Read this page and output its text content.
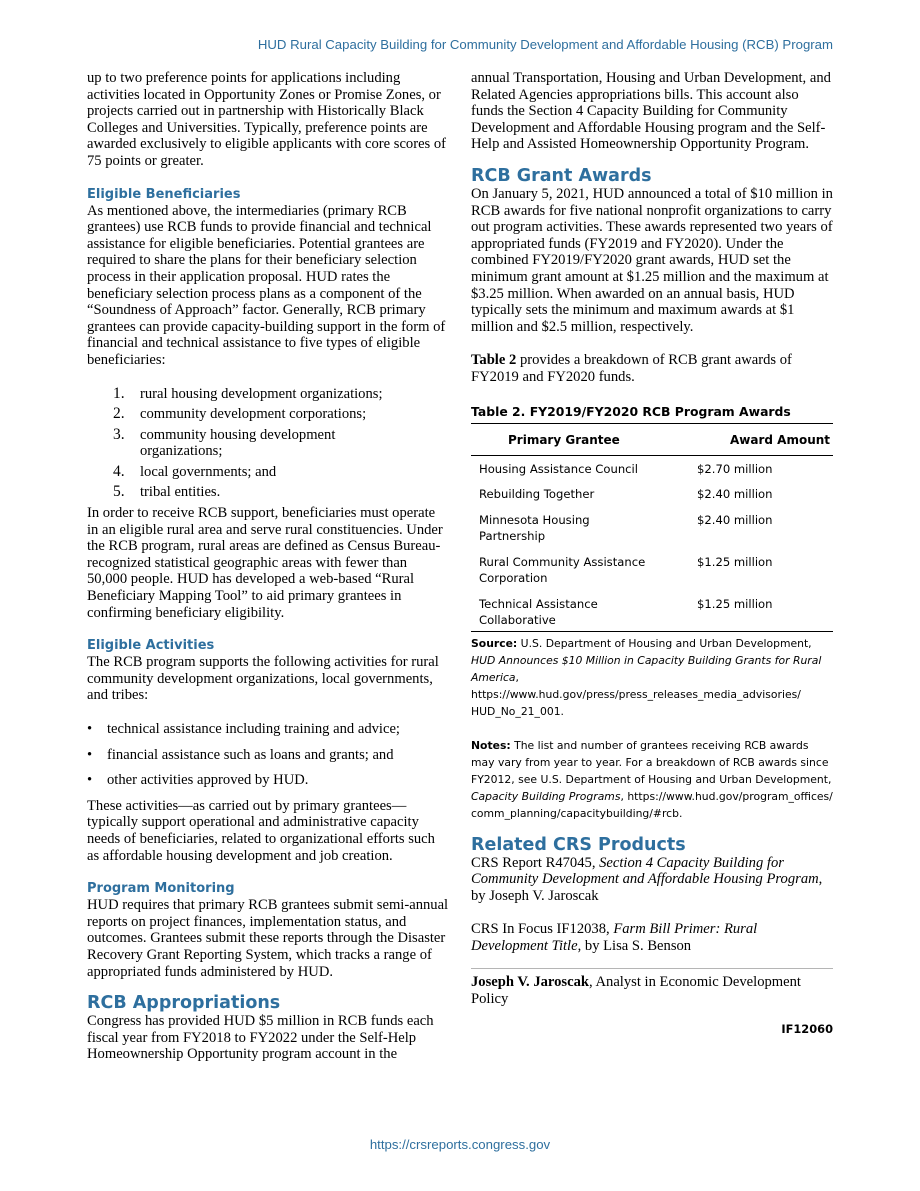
HUD Rural Capacity Building for Community Development and Affordable Housing (RCB) Program

up to two preference points for applications including activities located in Opportunity Zones or Promise Zones, or projects carried out in partnership with Historically Black Colleges and Universities. Typically, preference points are awarded exclusively to eligible applicants with core scores of 75 points or greater.

Eligible Beneficiaries

As mentioned above, the intermediaries (primary RCB grantees) use RCB funds to provide financial and technical assistance for eligible beneficiaries. Potential grantees are required to share the plans for their beneficiary selection process in their application proposal. HUD rates the beneficiary selection process plans as a component of the “Soundness of Approach” factor. Generally, RCB primary grantees can provide capacity-building support in the form of financial and technical assistance to five types of eligible beneficiaries:

1. rural housing development organizations;
2. community development corporations;
3. community housing development organizations;
4. local governments; and
5. tribal entities.

In order to receive RCB support, beneficiaries must operate in an eligible rural area and serve rural constituencies. Under the RCB program, rural areas are defined as Census Bureau-recognized statistical geographic areas with fewer than 50,000 people. HUD has developed a web-based “Rural Beneficiary Mapping Tool” to aid primary grantees in confirming beneficiary eligibility.

Eligible Activities

The RCB program supports the following activities for rural community development organizations, local governments, and tribes:

• technical assistance including training and advice;
• financial assistance such as loans and grants; and
• other activities approved by HUD.

These activities—as carried out by primary grantees—typically support operational and administrative capacity needs of beneficiaries, related to organizational efforts such as affordable housing development and job creation.

Program Monitoring

HUD requires that primary RCB grantees submit semi-annual reports on project finances, implementation status, and outcomes. Grantees submit these reports through the Disaster Recovery Grant Reporting System, which tracks a range of appropriated funds administered by HUD.

RCB Appropriations

Congress has provided HUD $5 million in RCB funds each fiscal year from FY2018 to FY2022 under the Self-Help Homeownership Opportunity program account in the

annual Transportation, Housing and Urban Development, and Related Agencies appropriations bills. This account also funds the Section 4 Capacity Building for Community Development and Affordable Housing program and the Self-Help and Assisted Homeownership Opportunity Program.

RCB Grant Awards

On January 5, 2021, HUD announced a total of $10 million in RCB awards for five national nonprofit organizations to carry out program activities. These awards represented two years of appropriated funds (FY2019 and FY2020). Under the combined FY2019/FY2020 grant awards, HUD set the minimum grant amount at $1.25 million and the maximum at $3.25 million. When awarded on an annual basis, HUD typically sets the minimum and maximum awards at $1 million and $2.5 million, respectively.

Table 2 provides a breakdown of RCB grant awards of FY2019 and FY2020 funds.

Table 2. FY2019/FY2020 RCB Program Awards
Primary Grantee	Award Amount
Housing Assistance Council	$2.70 million
Rebuilding Together	$2.40 million
Minnesota Housing Partnership	$2.40 million
Rural Community Assistance Corporation	$1.25 million
Technical Assistance Collaborative	$1.25 million

Source: U.S. Department of Housing and Urban Development, HUD Announces $10 Million in Capacity Building Grants for Rural America, https://www.hud.gov/press/press_releases_media_advisories/ HUD_No_21_001.

Notes: The list and number of grantees receiving RCB awards may vary from year to year. For a breakdown of RCB awards since FY2012, see U.S. Department of Housing and Urban Development, Capacity Building Programs, https://www.hud.gov/program_offices/ comm_planning/capacitybuilding/#rcb.

Related CRS Products

CRS Report R47045, Section 4 Capacity Building for Community Development and Affordable Housing Program, by Joseph V. Jaroscak

CRS In Focus IF12038, Farm Bill Primer: Rural Development Title, by Lisa S. Benson

Joseph V. Jaroscak, Analyst in Economic Development Policy

IF12060

https://crsreports.congress.gov
